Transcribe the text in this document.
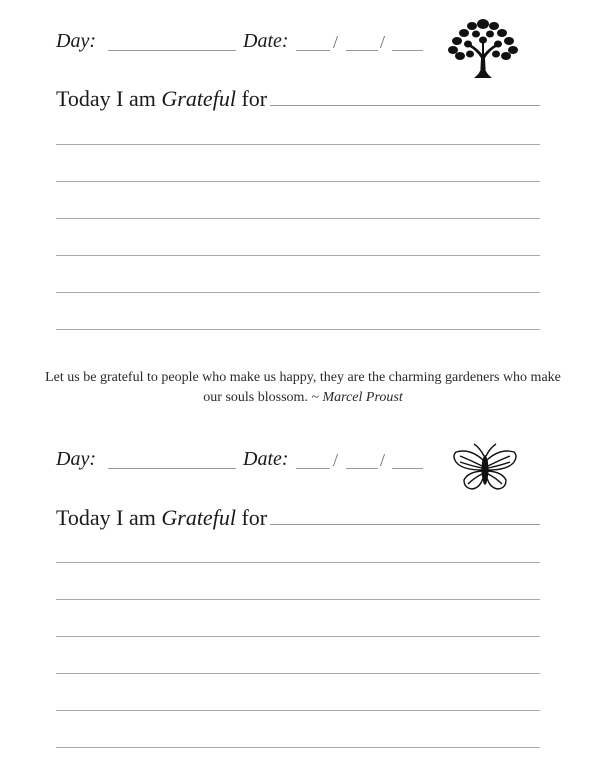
Day:	Date: / /
Today I am Grateful for
Let us be grateful to people who make us happy, they are the charming gardeners who make our souls blossom. ~ Marcel Proust
Day:	Date: / /
Today I am Grateful for
